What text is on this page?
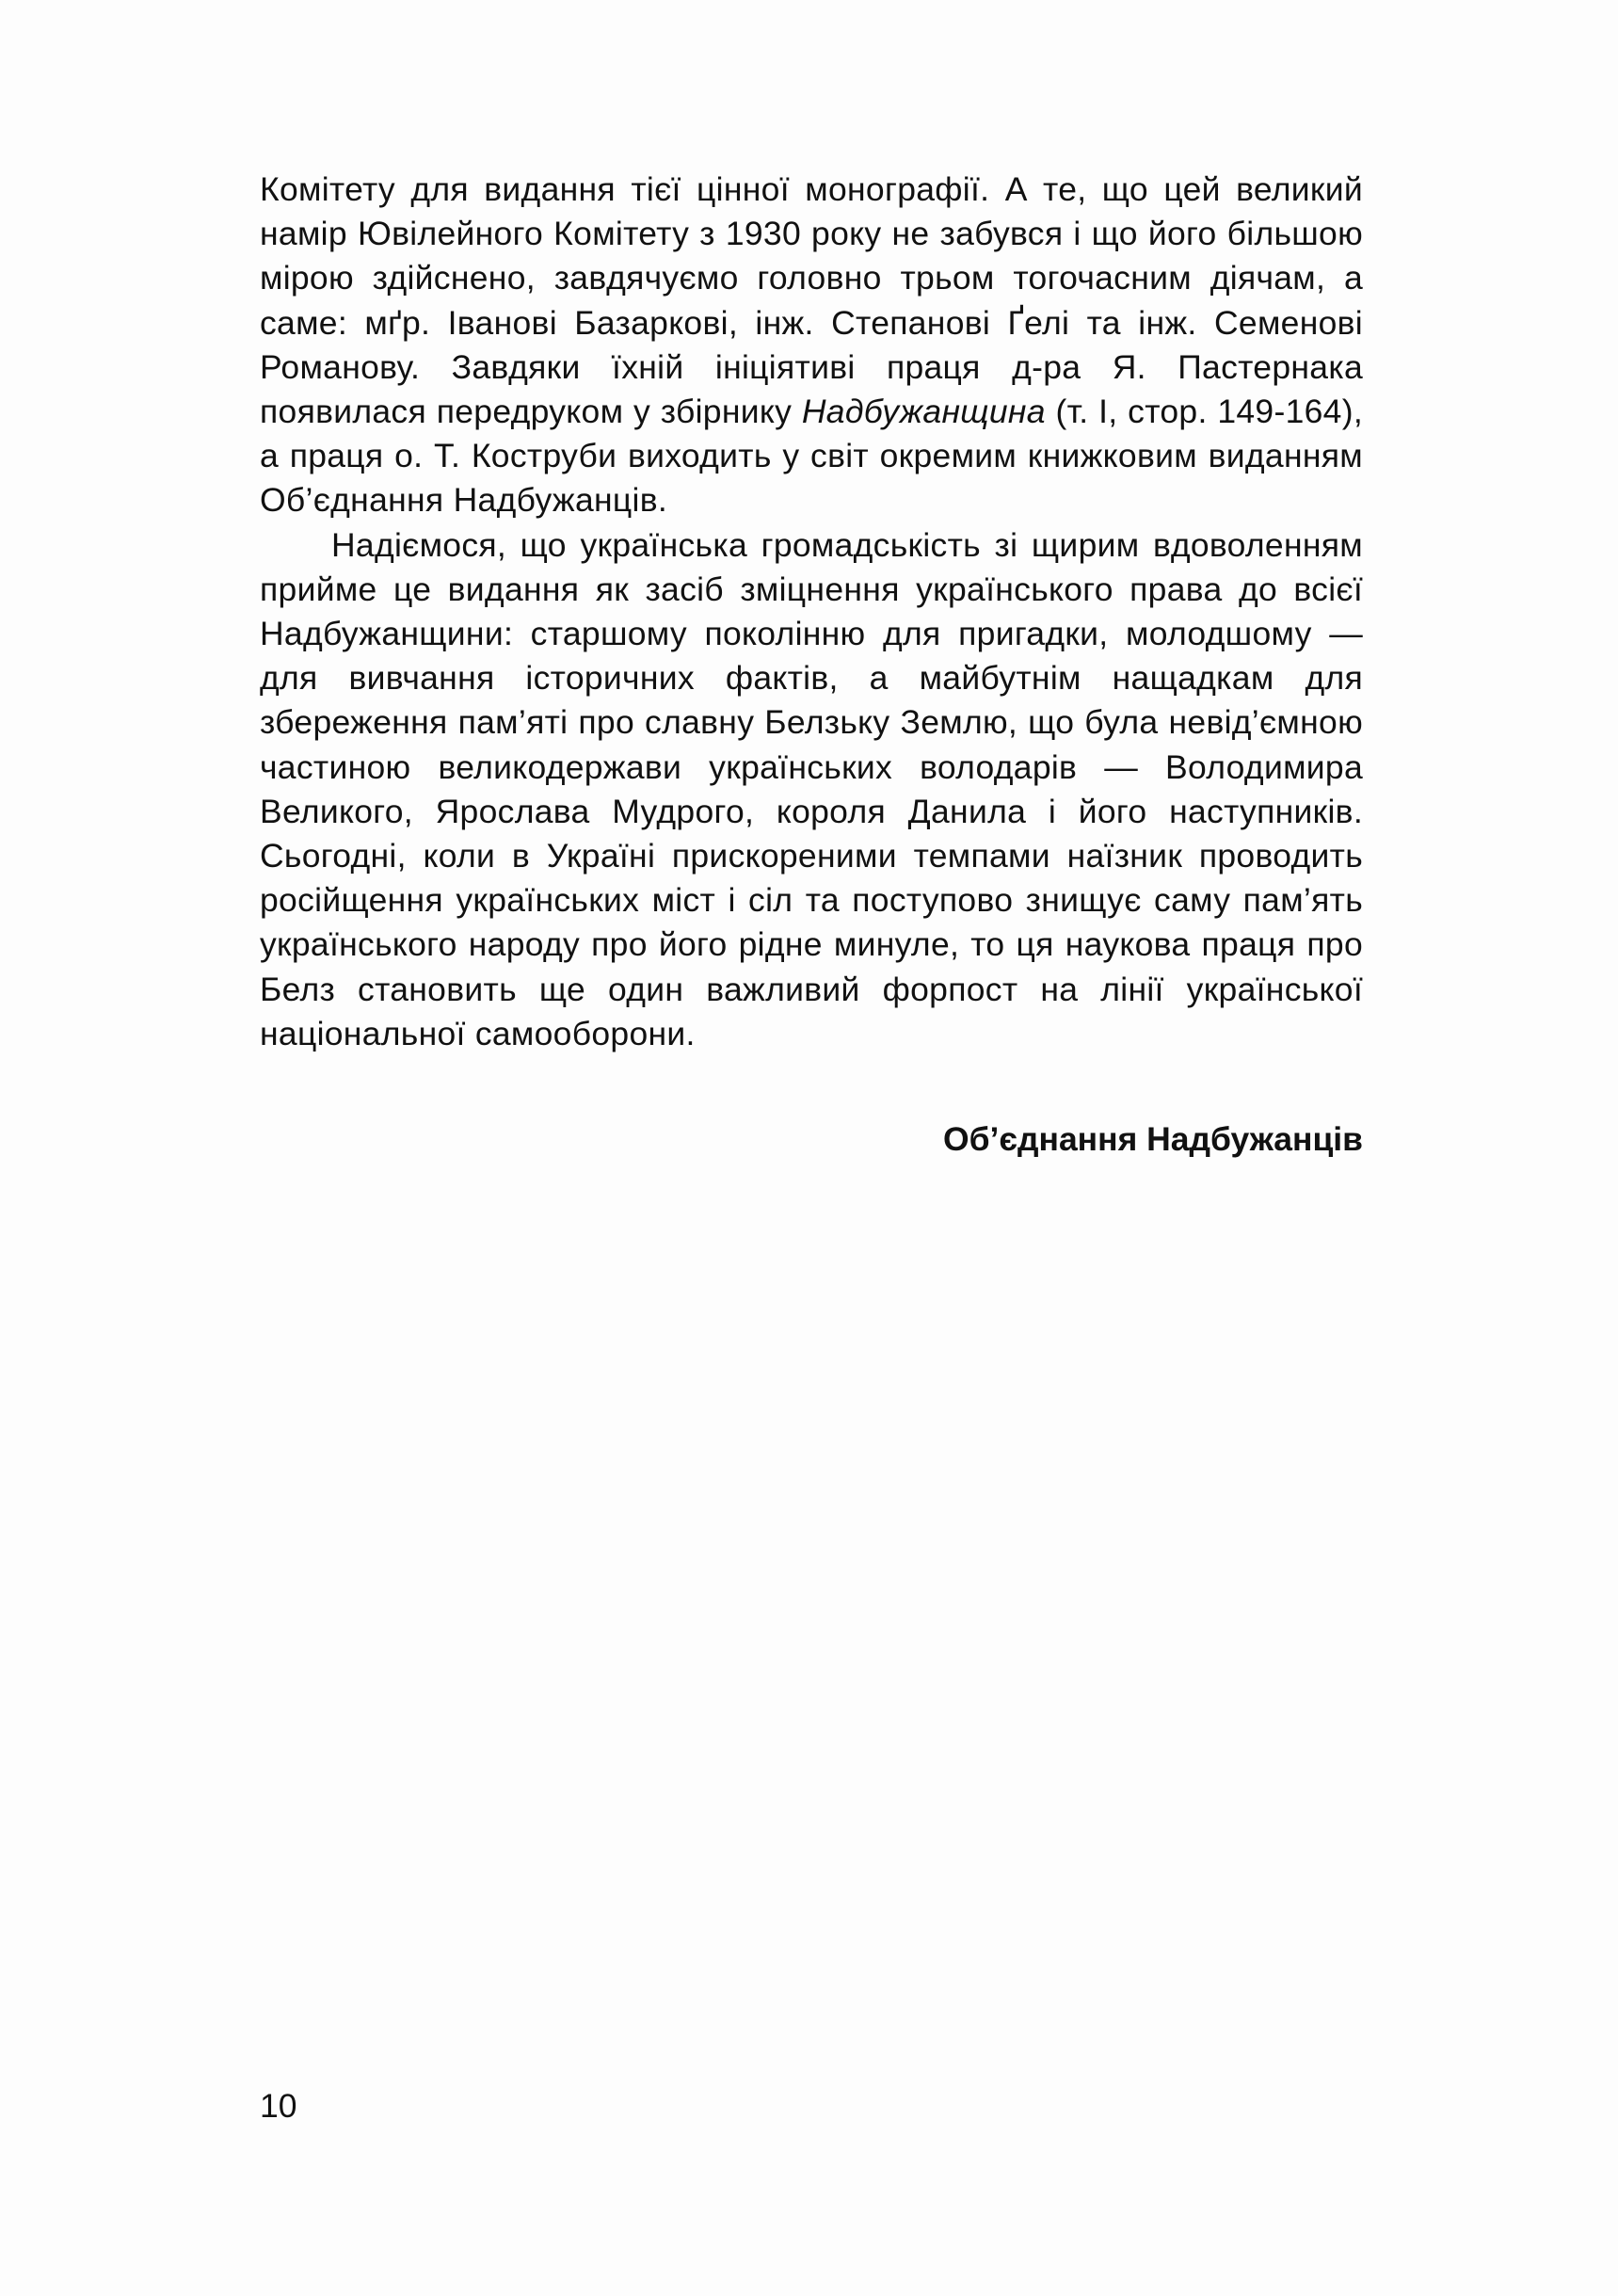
Комітету для видання тієї цінної монографії. А те, що цей великий намір Ювілейного Комітету з 1930 року не забувся і що його більшою мірою здійснено, завдячуємо головно трьом тогочасним діячам, а саме: мґр. Іванові Базаркові, інж. Степанові Ґелі та інж. Семенові Романову. Завдяки їхній ініціятиві праця д-ра Я. Пастернака появилася передруком у збірнику Надбужанщина (т. І, стор. 149-164), а праця о. Т. Коструби виходить у світ окремим книжковим виданням Об’єднання Надбужанців.

Надіємося, що українська громадськість зі щирим вдоволенням прийме це видання як засіб зміцнення українського права до всієї Надбужанщини: старшому поколінню для пригадки, молодшому — для вивчання історичних фактів, а майбутнім нащадкам для збереження пам’яті про славну Белзьку Землю, що була невід’ємною частиною великодержави українських володарів — Володимира Великого, Ярослава Мудрого, короля Данила і його наступників. Сьогодні, коли в Україні прискореними темпами наїзник проводить російщення українських міст і сіл та поступово знищує саму пам’ять українського народу про його рідне минуле, то ця наукова праця про Белз становить ще один важливий форпост на лінії української національної самооборони.

Об’єднання Надбужанців
10
